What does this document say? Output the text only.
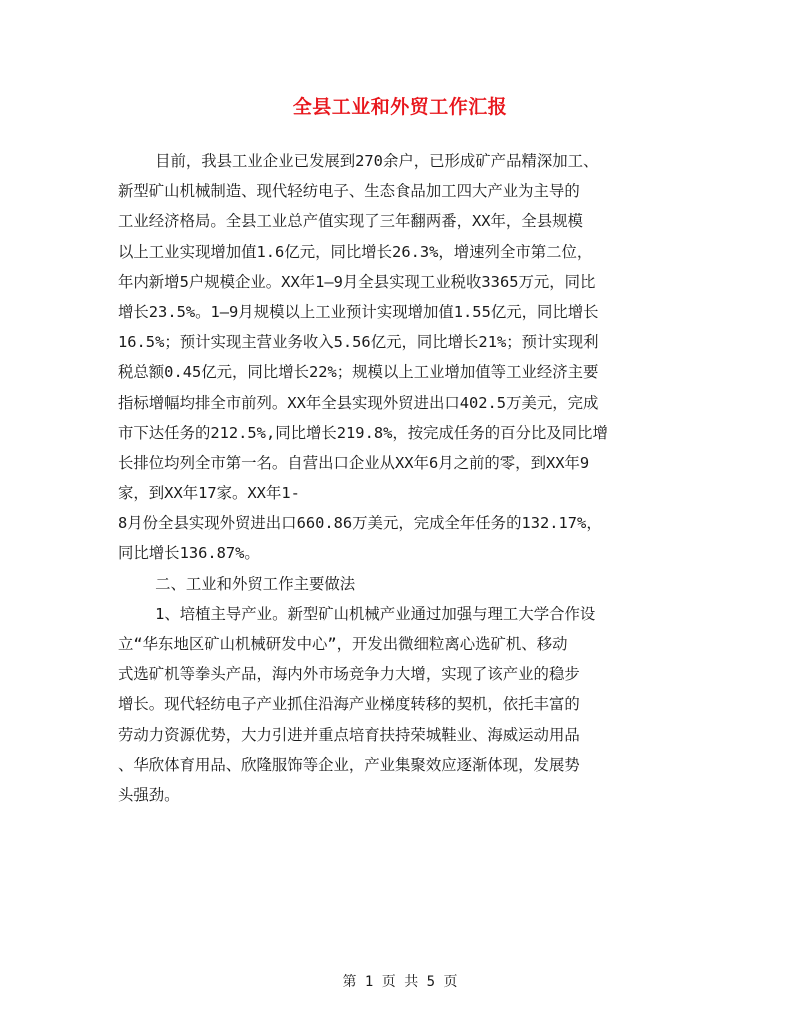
全县工业和外贸工作汇报
目前，我县工业企业已发展到270余户，已形成矿产品精深加工、
新型矿山机械制造、现代轻纺电子、生态食品加工四大产业为主导的
工业经济格局。全县工业总产值实现了三年翻两番，XX年，全县规模
以上工业实现增加值1.6亿元，同比增长26.3%，增速列全市第二位，
年内新增5户规模企业。XX年1—9月全县实现工业税收3365万元，同比
增长23.5%。1—9月规模以上工业预计实现增加值1.55亿元，同比增长
16.5%；预计实现主营业务收入5.56亿元，同比增长21%；预计实现利
税总额0.45亿元，同比增长22%；规模以上工业增加值等工业经济主要
指标增幅均排全市前列。XX年全县实现外贸进出口402.5万美元，完成
市下达任务的212.5%,同比增长219.8%，按完成任务的百分比及同比增
长排位均列全市第一名。自营出口企业从XX年6月之前的零，到XX年9
家，到XX年17家。XX年1-
8月份全县实现外贸进出口660.86万美元，完成全年任务的132.17%，
同比增长136.87%。
二、工业和外贸工作主要做法
1、培植主导产业。新型矿山机械产业通过加强与理工大学合作设
立“华东地区矿山机械研发中心”，开发出微细粒离心选矿机、移动
式选矿机等拳头产品，海内外市场竞争力大增，实现了该产业的稳步
增长。现代轻纺电子产业抓住沿海产业梯度转移的契机，依托丰富的
劳动力资源优势，大力引进并重点培育扶持荣城鞋业、海威运动用品
、华欣体育用品、欣隆服饰等企业，产业集聚效应逐渐体现，发展势
头强劲。
第 1 页 共 5 页
